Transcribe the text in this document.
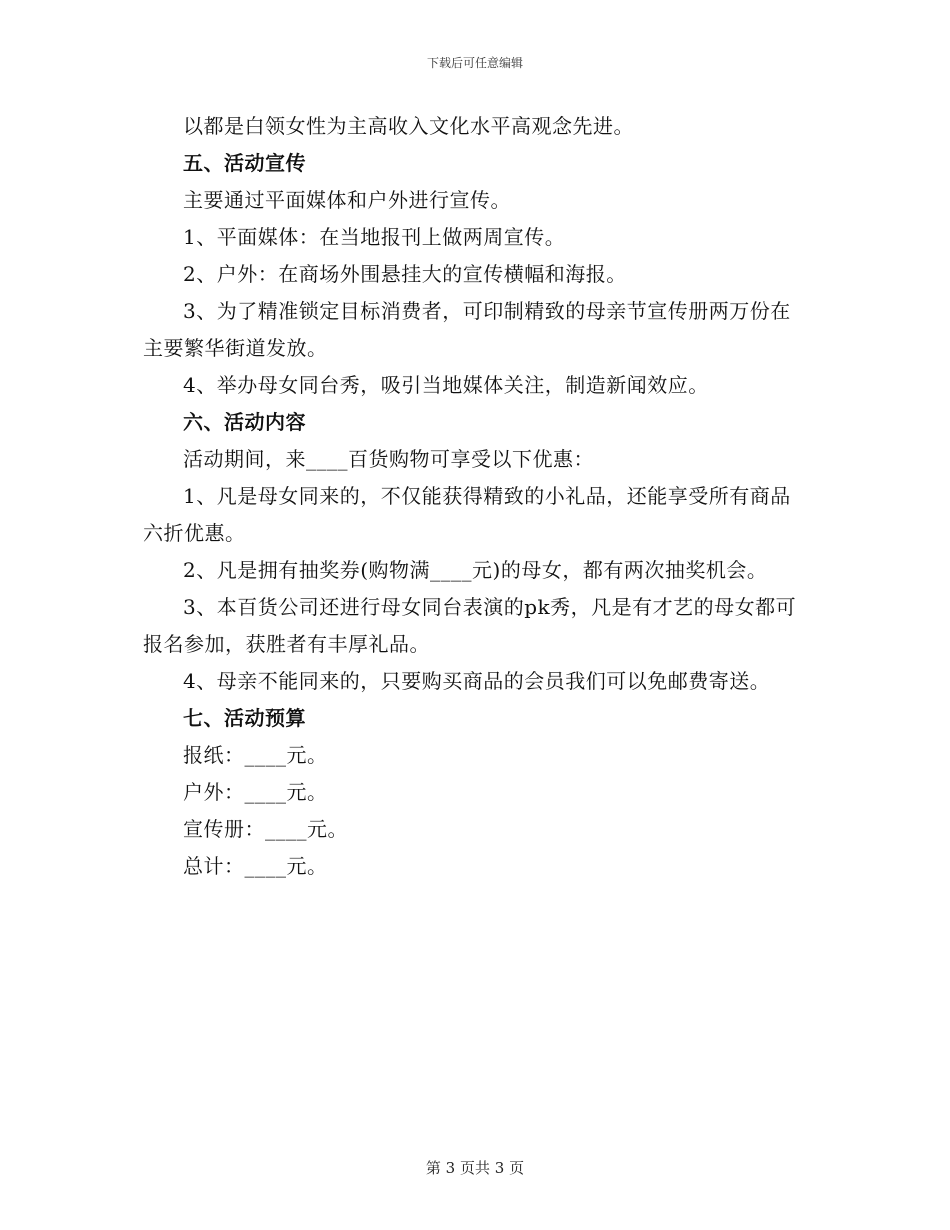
下载后可任意编辑

以都是白领女性为主高收入文化水平高观念先进。

五、活动宣传

主要通过平面媒体和户外进行宣传。

1、平面媒体：在当地报刊上做两周宣传。

2、户外：在商场外围悬挂大的宣传横幅和海报。

3、为了精准锁定目标消费者，可印制精致的母亲节宣传册两万份在主要繁华街道发放。

4、举办母女同台秀，吸引当地媒体关注，制造新闻效应。

六、活动内容

活动期间，来____百货购物可享受以下优惠：

1、凡是母女同来的，不仅能获得精致的小礼品，还能享受所有商品六折优惠。

2、凡是拥有抽奖券(购物满____元)的母女，都有两次抽奖机会。

3、本百货公司还进行母女同台表演的pk秀，凡是有才艺的母女都可报名参加，获胜者有丰厚礼品。

4、母亲不能同来的，只要购买商品的会员我们可以免邮费寄送。

七、活动预算

报纸：____元。

户外：____元。

宣传册：____元。

总计：____元。

第 3 页共 3 页
